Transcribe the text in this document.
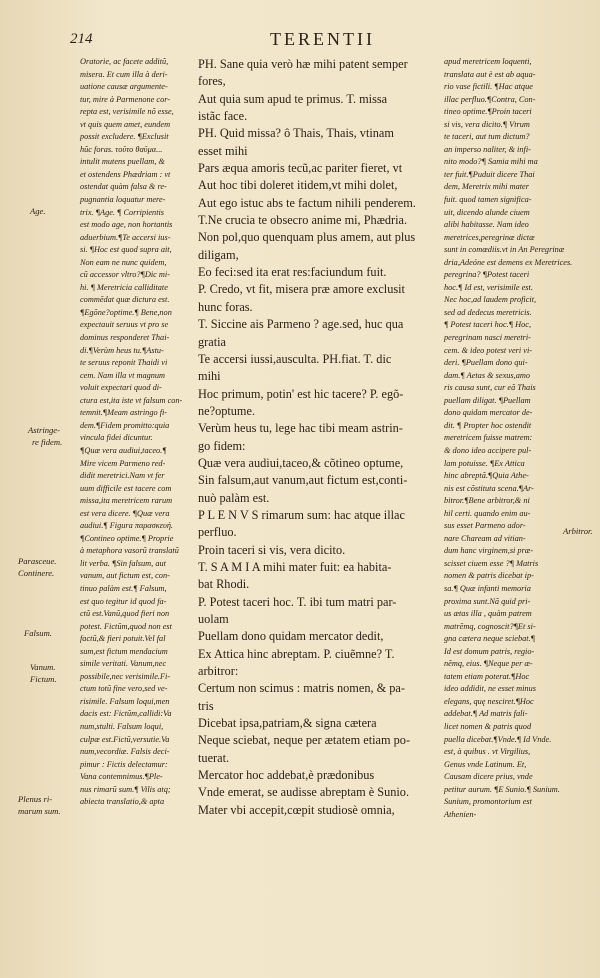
214	TERENTII
Oratorie, ac facete additũ,
misera. Et cum illa à deri-
uatione causæ argumente-
tur, mire à Parmenone cor-
repta est, verisimile nõ esse,
vt quis quem amet, eundem
possit excludere. ¶Exclusit
hũc foras. τοῦτο θαῦμα...
intulit mutens puellam, &
et ostendens Phædriam : vt
ostendat quàm falsa & re-
pugnantia loquatur mere-
trix. ¶Age. ¶ Corripientis
est modo age, non hortantis
aduerbium.¶Te accersi ius-
si. ¶Hoc est quod supra ait,
Non eam ne nunc quidem,
cũ accessor vltro?¶Dic mi-
hi. ¶ Meretricia calliditate
commēdat quæ dictura est.
¶Egõne?optime.¶ Bene,non
expectauit seruus vt pro se
dominus responderet Thai-
di.¶Verùm heus tu.¶Astu-
te seruus reponit Thaidi vi
cem. Nam illa vt magnum
voluit expectari quod di-
ctura est,ita iste vt falsum con-
temnit.¶Meam astringo fi-
dem.¶Fidem promitto:quia
vincula fidei dicuntur.
¶Quæ vera audiui,taceo.¶
Mire vicem Parmeno red-
didit meretrici.Nam vt fer
uum difficile est tacere com
missa,ita meretricem rarum
est vera dicere. ¶Quæ vera
audiui.¶ Figura παρασκευή.
¶Contineo optime.¶ Proprie
à metaphora vasorũ translatũ
lit verba. ¶Sin falsum, aut
vanum, aut fictum est, con-
tinuo palàm est.¶ Falsum,
est quo tegitur id quod fa-
ctũ est.Vanũ,quod fieri non
potest. Fictũm,quod non est
factũ,& fieri potuit.Vel fal
sum,est fictum mendacium
simile veritati. Vanum,nec
possibile,nec verisimile.Fi-
ctum totũ fine vero,sed ve-
risimile. Falsum loqui,men
dacis est: Fictũm,callidi:Va
num,stulti. Falsum loqui,
culpæ est.Fictũ,versutie.Va
num,vecordiæ. Falsis deci-
pimur : Fictis delectamur:
Vana contemnimus.¶Ple-
nus rimarũ sum.¶ Vilis atq;
abiecta translatio,& apta
PH. Sane quia verò hæ mihi patent semper
fores,
Aut quia sum apud te primus. T. missa
istãc face.
PH. Quid missa? ô Thais, Thais, vtinam
esset mihi
Pars æqua amoris tecũ,ac pariter fieret, vt
Aut hoc tibi doleret itidem,vt mihi dolet,
Aut ego istuc abs te factum nihili penderem.
T.Ne crucia te obsecro anime mi, Phædria.
Non pol,quo quenquam plus amem, aut plus
diligam,
Eo feci:sed ita erat res:faciundum fuit.
P. Credo, vt fit, misera præ amore exclusit
hunc foras.
T. Siccine ais Parmeno ? age.sed, huc qua
gratia
Te accersi iussi,ausculta. PH.fiat. T. dic
mihi
Hoc primum, potin' est hic tacere? P. egõ-
ne?optume.
Verùm heus tu, lege hac tibi meam astrin-
go fidem:
Quæ vera audiui,taceo,& cõtineo optume,
Sin falsum,aut vanum,aut fictum est,conti-
nuò palàm est.
P L E N V S rimarum sum: hac atque illac
perfluo.
Proin taceri si vis, vera dicito.
T. S A M I A mihi mater fuit: ea habita-
bat Rhodi.
P. Potest taceri hoc. T. ibi tum matri par-
uolam
Puellam dono quidam mercator dedit,
Ex Attica hinc abreptam. P. ciuẽmne? T.
arbitror:
Certum non scimus : matris nomen, & pa-
tris
Dicebat ipsa,patriam,& signa cætera
Neque sciebat, neque per ætatem etiam po-
tuerat.
Mercator hoc addebat,è prædonibus
Vnde emerat, se audisse abreptam è Sunio.
Mater vbi accepit,cœpit studiosè omnia,
apud meretricem loquenti,
translata aut è est ab aqua-
rio vase fictili. ¶Hac atque
illac perfluo.¶Contra, Con-
tineo optime.¶Proin taceri
si vis, vera dicito.¶ Vtrum
te taceri, aut tum dictum?
an imperso naliter, & infi-
nito modo?¶ Samia mihi ma
ter fuit.¶Puduit dicere Thai
dem, Meretrix mihi mater
fuit. quod tamen significa-
uit, dicendo alunde ciuem
alibi habitasse. Nam ideo
meretrices,peregrinæ dictæ
sunt in comœdiis.vt in An Peregrinæ
dria,Adeóne est demens ex Meretrices.
peregrina? ¶Potest taceri
hoc.¶ Id est, verisimile est.
Nec hoc,ad laudem proficit,
sed ad dedecus meretricis.
¶ Potest taceri hoc.¶ Hoc,
peregrinam nasci meretri-
cem. & ideo potest veri vi-
deri. ¶Puellam dono qui-
dam.¶ Aetas & sexus,amo
ris causa sunt, cur eã Thais
puellam diligat. ¶Puellam
dono quidam mercator de-
dit. ¶ Propter hoc ostendit
meretricem fuisse matrem:
& dono ideo accipere pul-
lam potuisse. ¶Ex Attica
hinc abreptã.¶Quia Athe-
nis est cõstituta scena.¶Ar-
bitror.¶Bene arbitror,& ni
hil certi. quando enim au-
sus esset Parmeno ador-
nare Chaream ad vitian-
dum hanc virginem,si præ-
scisset ciuem esse ?¶ Matris
nomen & patris dicebat ip-
sa.¶ Quæ infanti memoria
proxima sunt.Nã quid pri-
us ætas illa , quàm patrem
matrẽmq, cognoscit?¶Et si-
gna cætera neque sciebat.¶
Id est domum patris, regio-
nẽmq, eius. ¶Neque per æ-
tatem etiam poterat.¶Hoc
ideo addidit, ne esset minus
elegans, quę nesciret.¶Hoc
addebat.¶ Ad matris fali-
licet nomen & patris quod
puella dicebat.¶Vnde.¶ Id Vnde.
est, à quibus . vt Virgilius,
Genus vnde Latinum. Et,
Causam dicere prius, vnde
petitur aurum. ¶E Sunio.¶ Sunium.
Sunium, promontorium est
Athenien-
Age.
Astringe-
re fidem.
Parasceue.
Continere.
Falsum.
Vanum.
Fictum.
Plenus ri-
marum sum.
Arbitror.
